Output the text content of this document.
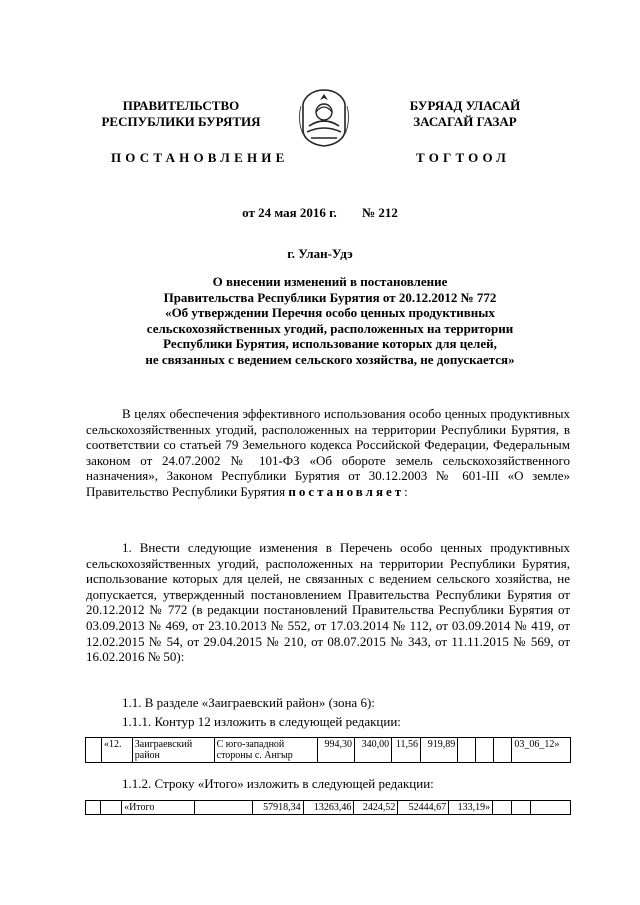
ПРАВИТЕЛЬСТВО
РЕСПУБЛИКИ БУРЯТИЯ
БУРЯАД УЛАСАЙ
ЗАСАГАЙ ГАЗАР
ПОСТАНОВЛЕНИЕ	ТОГТООЛ
от 24 мая 2016 г. № 212
г. Улан-Удэ
О внесении изменений в постановление
Правительства Республики Бурятия от 20.12.2012 № 772
«Об утверждении Перечня особо ценных продуктивных
сельскохозяйственных угодий, расположенных на территории
Республики Бурятия, использование которых для целей,
не связанных с ведением сельского хозяйства, не допускается»

В целях обеспечения эффективного использования особо ценных продуктивных сельскохозяйственных угодий, расположенных на территории Республики Бурятия, в соответствии со статьей 79 Земельного кодекса Российской Федерации, Федеральным законом от 24.07.2002 № 101-ФЗ «Об обороте земель сельскохозяйственного назначения», Законом Республики Бурятия от 30.12.2003 № 601-III «О земле» Правительство Республики Бурятия постановляет:

1. Внести следующие изменения в Перечень особо ценных продуктивных сельскохозяйственных угодий, расположенных на территории Республики Бурятия, использование которых для целей, не связанных с ведением сельского хозяйства, не допускается, утвержденный постановлением Правительства Республики Бурятия от 20.12.2012 № 772 (в редакции постановлений Правительства Республики Бурятия от 03.09.2013 № 469, от 23.10.2013 № 552, от 17.03.2014 № 112, от 03.09.2014 № 419, от 12.02.2015 № 54, от 29.04.2015 № 210, от 08.07.2015 № 343, от 11.11.2015 № 569, от 16.02.2016 № 50):

1.1. В разделе «Заиграевский район» (зона 6):
1.1.1. Контур 12 изложить в следующей редакции:
	«12.	Заиграевский район	С юго-западной стороны с. Ангыр	994,30	340,00	11,56	919,89				03_06_12»
1.1.2. Строку «Итого» изложить в следующей редакции:
		«Итого		57918,34	13263,46	2424,52	52444,67	133,19»			
